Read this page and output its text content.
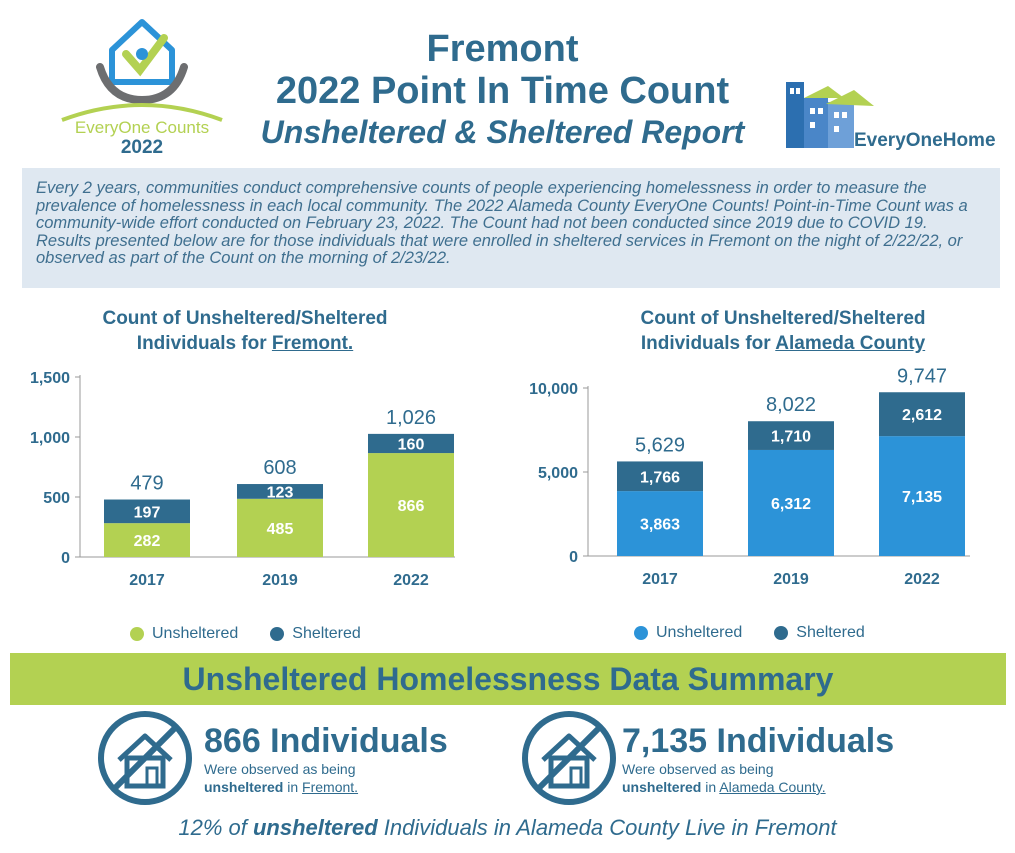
EveryOne Counts
2022
Fremont
2022 Point In Time Count
Unsheltered & Sheltered Report	EveryOneHome
Every 2 years, communities conduct comprehensive counts of people experiencing homelessness in order to measure the prevalence of homelessness in each local community. The 2022 Alameda County EveryOne Counts! Point-in-Time Count was a community-wide effort conducted on February 23, 2022. The Count had not been conducted since 2019 due to COVID 19. Results presented below are for those individuals that were enrolled in sheltered services in Fremont on the night of 2/22/22, or observed as part of the Count on the morning of 2/23/22.
Count of Unsheltered/Sheltered Individuals for Fremont.
0
500
1,000
1,500
479
197
282
2017
608
123
485
2019
1,026
160
866
2022
Unsheltered	Sheltered
Count of Unsheltered/Sheltered Individuals for Alameda County
0
5,000
10,000
5,629
1,766
3,863
2017
8,022
1,710
6,312
2019
9,747
2,612
7,135
2022
Unsheltered	Sheltered
Unsheltered Homelessness Data Summary
866 Individuals
Were observed as being
unsheltered in Fremont.
7,135 Individuals
Were observed as being
unsheltered in Alameda County.
12% of unsheltered Individuals in Alameda County Live in Fremont
